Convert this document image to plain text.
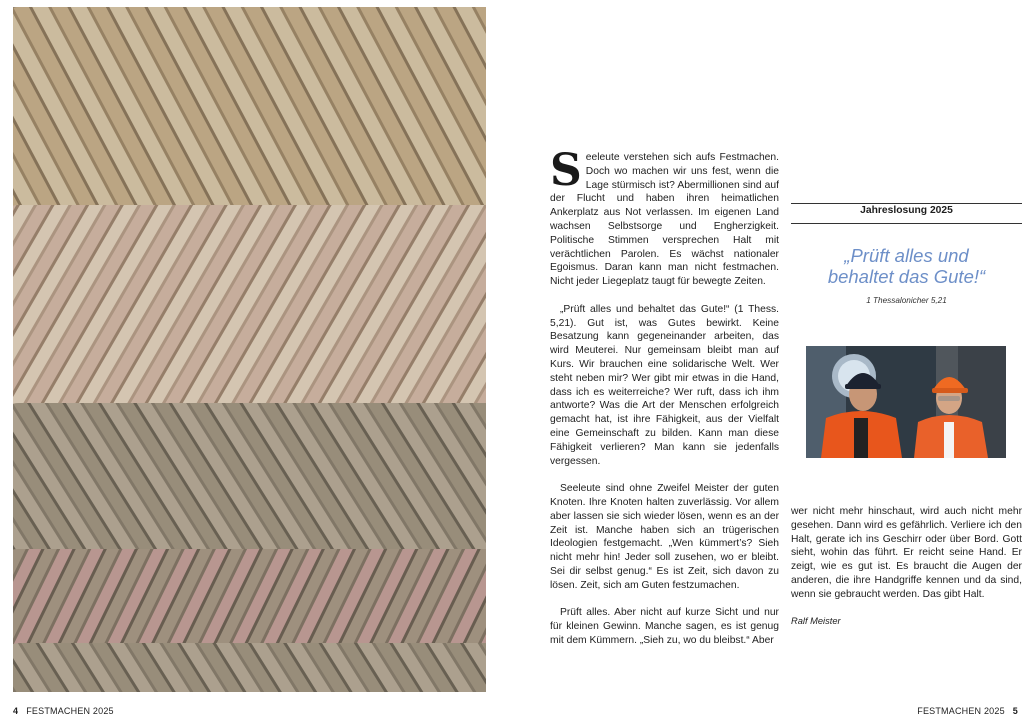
Seeleute verstehen sich aufs Festmachen. Doch wo machen wir uns fest, wenn die Lage stürmisch ist? Abermillionen sind auf der Flucht und haben ihren heimatlichen Ankerplatz aus Not verlassen. Im eigenen Land wachsen Selbstsorge und Engherzigkeit. Politische Stimmen versprechen Halt mit verächtlichen Parolen. Es wächst nationaler Egoismus. Daran kann man nicht festmachen. Nicht jeder Liegeplatz taugt für bewegte Zeiten.

„Prüft alles und behaltet das Gute!“ (1 Thess. 5,21). Gut ist, was Gutes bewirkt. Keine Besatzung kann gegeneinander arbeiten, das wird Meuterei. Nur gemeinsam bleibt man auf Kurs. Wir brauchen eine solidarische Welt. Wer steht neben mir? Wer gibt mir etwas in die Hand, dass ich es weiterreiche? Wer ruft, dass ich ihm antworte? Was die Art der Menschen erfolgreich gemacht hat, ist ihre Fähigkeit, aus der Vielfalt eine Gemeinschaft zu bilden. Kann man diese Fähigkeit verlieren? Man kann sie jedenfalls vergessen.

Seeleute sind ohne Zweifel Meister der guten Knoten. Ihre Knoten halten zuverlässig. Vor allem aber lassen sie sich wieder lösen, wenn es an der Zeit ist. Manche haben sich an trügerischen Ideologien festgemacht. „Wen kümmert’s? Sieh nicht mehr hin! Jeder soll zusehen, wo er bleibt. Sei dir selbst genug.“ Es ist Zeit, sich davon zu lösen. Zeit, sich am Guten festzumachen.

Prüft alles. Aber nicht auf kurze Sicht und nur für kleinen Gewinn. Manche sagen, es ist genug mit dem Kümmern. „Sieh zu, wo du bleibst.“ Aber

Jahreslosung 2025
„Prüft alles und
behaltet das Gute!“
1 Thessalonicher 5,21

wer nicht mehr hinschaut, wird auch nicht mehr gesehen. Dann wird es gefährlich. Verliere ich den Halt, gerate ich ins Geschirr oder über Bord. Gott sieht, wohin das führt. Er reicht seine Hand. Er zeigt, wie es gut ist. Es braucht die Augen der anderen, die ihre Handgriffe kennen und da sind, wenn sie gebraucht werden. Das gibt Halt.

Ralf Meister

4 FESTMACHEN 2025	FESTMACHEN 2025 5
